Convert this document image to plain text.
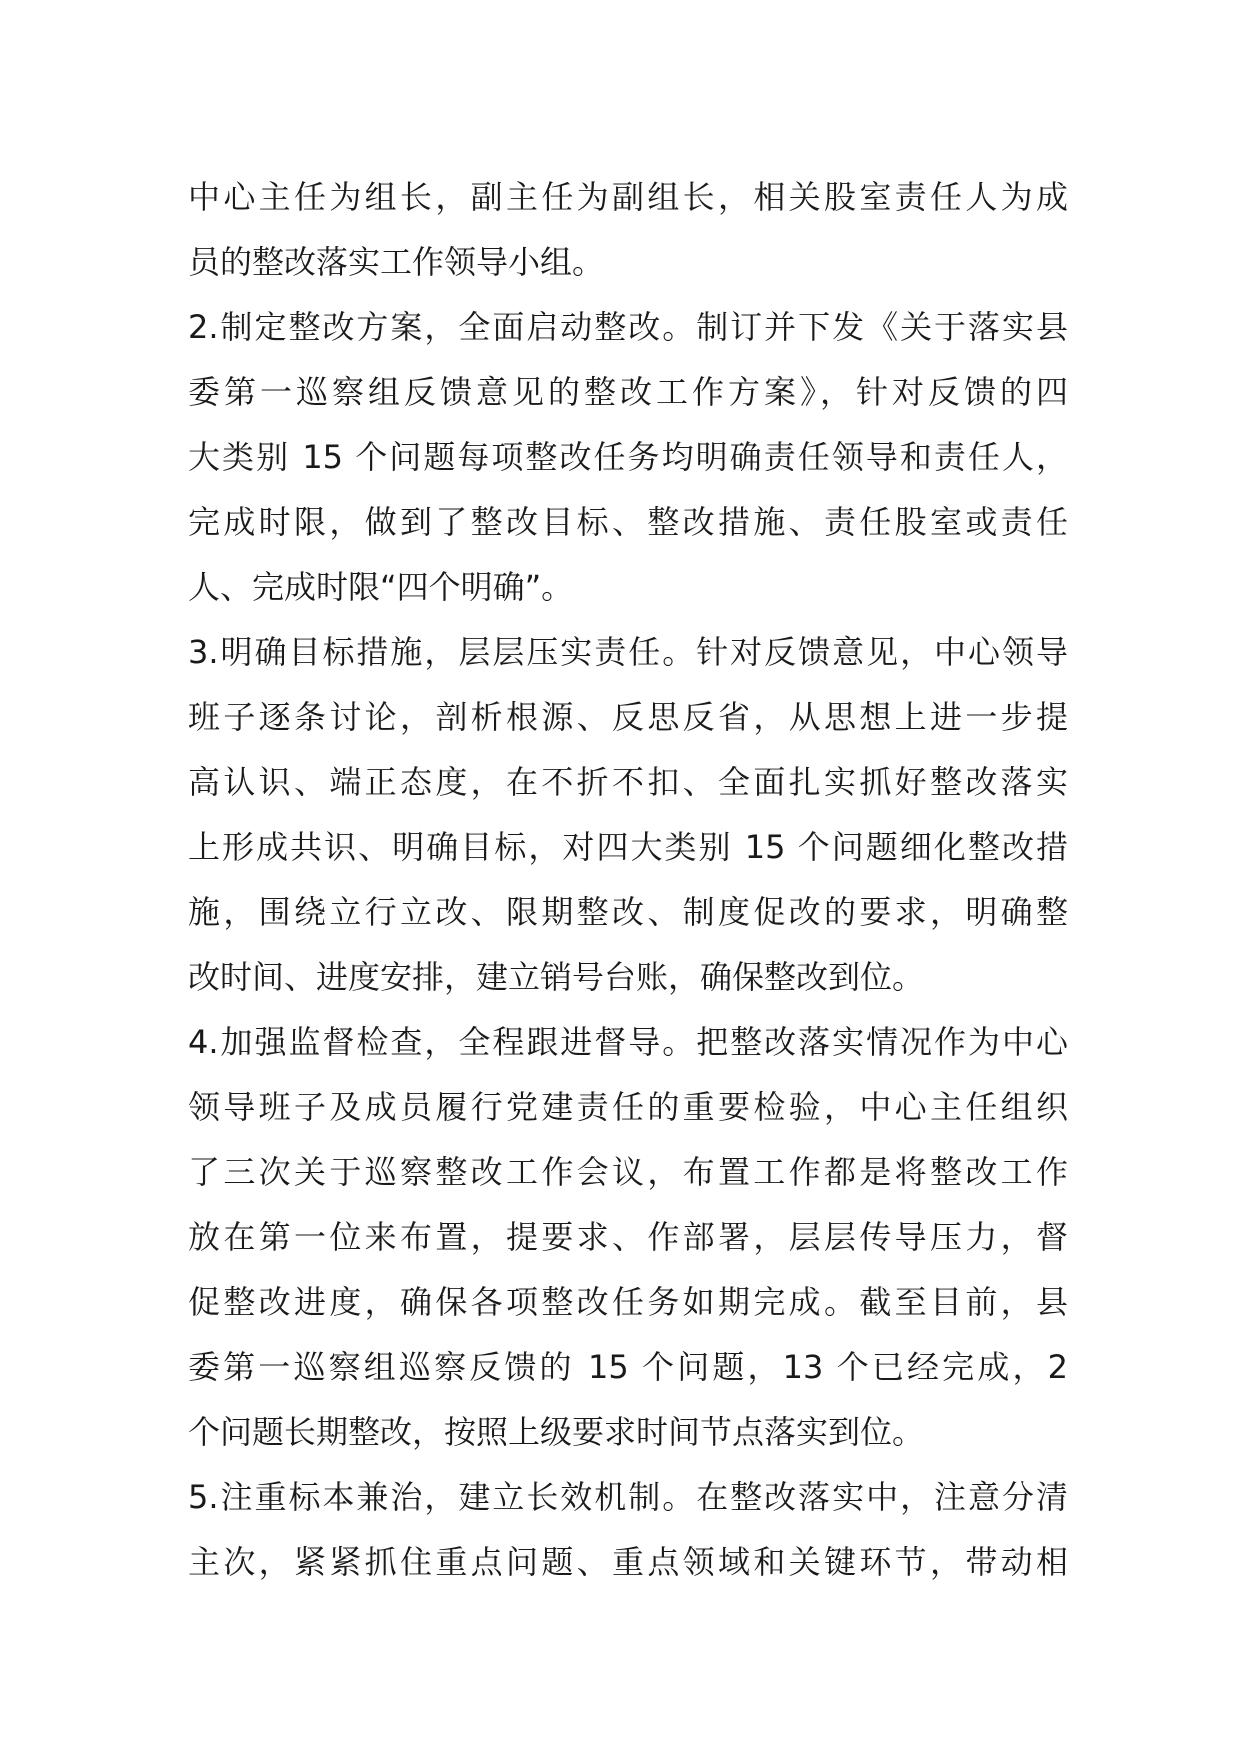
中心主任为组长，副主任为副组长，相关股室责任人为成
员的整改落实工作领导小组。
2.制定整改方案，全面启动整改。制订并下发《关于落实县
委第一巡察组反馈意见的整改工作方案》，针对反馈的四
大类别 15 个问题每项整改任务均明确责任领导和责任人，
完成时限，做到了整改目标、整改措施、责任股室或责任
人、完成时限“四个明确”。
3.明确目标措施，层层压实责任。针对反馈意见，中心领导
班子逐条讨论，剖析根源、反思反省，从思想上进一步提
高认识、端正态度，在不折不扣、全面扎实抓好整改落实
上形成共识、明确目标，对四大类别 15 个问题细化整改措
施，围绕立行立改、限期整改、制度促改的要求，明确整
改时间、进度安排，建立销号台账，确保整改到位。
4.加强监督检查，全程跟进督导。把整改落实情况作为中心
领导班子及成员履行党建责任的重要检验，中心主任组织
了三次关于巡察整改工作会议，布置工作都是将整改工作
放在第一位来布置，提要求、作部署，层层传导压力，督
促整改进度，确保各项整改任务如期完成。截至目前，县
委第一巡察组巡察反馈的 15 个问题，13 个已经完成，2
个问题长期整改，按照上级要求时间节点落实到位。
5.注重标本兼治，建立长效机制。在整改落实中，注意分清
主次，紧紧抓住重点问题、重点领域和关键环节，带动相
